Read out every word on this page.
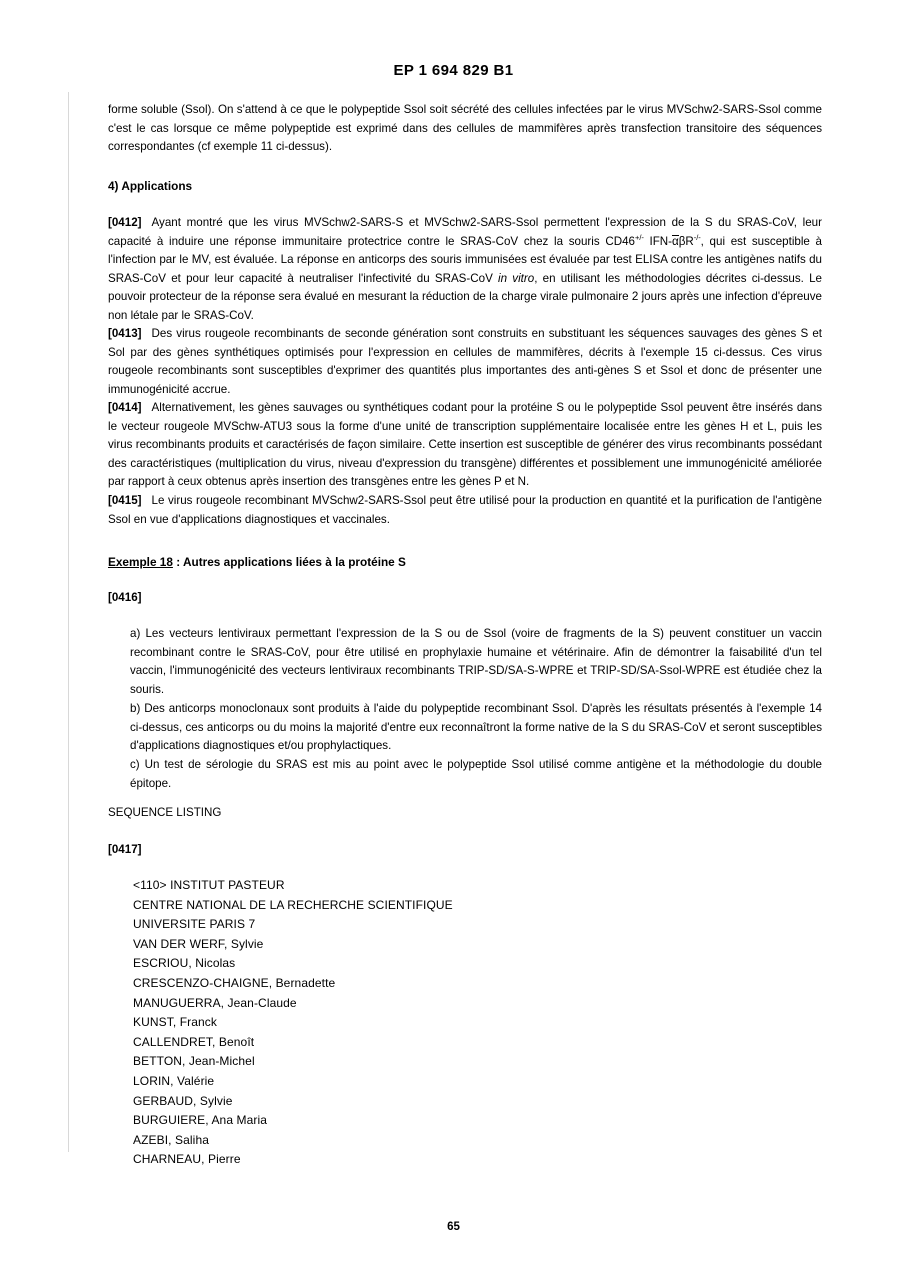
EP 1 694 829 B1
forme soluble (Ssol). On s'attend à ce que le polypeptide Ssol soit sécrété des cellules infectées par le virus MVSchw2-SARS-Ssol comme c'est le cas lorsque ce même polypeptide est exprimé dans des cellules de mammifères après transfection transitoire des séquences correspondantes (cf exemple 11 ci-dessus).
4) Applications
[0412] Ayant montré que les virus MVSchw2-SARS-S et MVSchw2-SARS-Ssol permettent l'expression de la S du SRAS-CoV, leur capacité à induire une réponse immunitaire protectrice contre le SRAS-CoV chez la souris CD46+/- IFN-αβR-/-, qui est susceptible à l'infection par le MV, est évaluée. La réponse en anticorps des souris immunisées est évaluée par test ELISA contre les antigènes natifs du SRAS-CoV et pour leur capacité à neutraliser l'infectivité du SRAS-CoV in vitro, en utilisant les méthodologies décrites ci-dessus. Le pouvoir protecteur de la réponse sera évalué en mesurant la réduction de la charge virale pulmonaire 2 jours après une infection d'épreuve non létale par le SRAS-CoV.
[0413] Des virus rougeole recombinants de seconde génération sont construits en substituant les séquences sauvages des gènes S et Sol par des gènes synthétiques optimisés pour l'expression en cellules de mammifères, décrits à l'exemple 15 ci-dessus. Ces virus rougeole recombinants sont susceptibles d'exprimer des quantités plus importantes des anti-gènes S et Ssol et donc de présenter une immunogénicité accrue.
[0414] Alternativement, les gènes sauvages ou synthétiques codant pour la protéine S ou le polypeptide Ssol peuvent être insérés dans le vecteur rougeole MVSchw-ATU3 sous la forme d'une unité de transcription supplémentaire localisée entre les gènes H et L, puis les virus recombinants produits et caractérisés de façon similaire. Cette insertion est susceptible de générer des virus recombinants possédant des caractéristiques (multiplication du virus, niveau d'expression du transgène) différentes et possiblement une immunogénicité améliorée par rapport à ceux obtenus après insertion des transgènes entre les gènes P et N.
[0415] Le virus rougeole recombinant MVSchw2-SARS-Ssol peut être utilisé pour la production en quantité et la purification de l'antigène Ssol en vue d'applications diagnostiques et vaccinales.
Exemple 18 : Autres applications liées à la protéine S
[0416]
a) Les vecteurs lentiviraux permettant l'expression de la S ou de Ssol (voire de fragments de la S) peuvent constituer un vaccin recombinant contre le SRAS-CoV, pour être utilisé en prophylaxie humaine et vétérinaire. Afin de démontrer la faisabilité d'un tel vaccin, l'immunogénicité des vecteurs lentiviraux recombinants TRIP-SD/SA-S-WPRE et TRIP-SD/SA-Ssol-WPRE est étudiée chez la souris.
b) Des anticorps monoclonaux sont produits à l'aide du polypeptide recombinant Ssol. D'après les résultats présentés à l'exemple 14 ci-dessus, ces anticorps ou du moins la majorité d'entre eux reconnaîtront la forme native de la S du SRAS-CoV et seront susceptibles d'applications diagnostiques et/ou prophylactiques.
c) Un test de sérologie du SRAS est mis au point avec le polypeptide Ssol utilisé comme antigène et la méthodologie du double épitope.
SEQUENCE LISTING
[0417]
<110> INSTITUT PASTEUR
CENTRE NATIONAL DE LA RECHERCHE SCIENTIFIQUE
UNIVERSITE PARIS 7
VAN DER WERF, Sylvie
ESCRIOU, Nicolas
CRESCENZO-CHAIGNE, Bernadette
MANUGUERRA, Jean-Claude
KUNST, Franck
CALLENDRET, Benoît
BETTON, Jean-Michel
LORIN, Valérie
GERBAUD, Sylvie
BURGUIERE, Ana Maria
AZEBI, Saliha
CHARNEAU, Pierre
65
